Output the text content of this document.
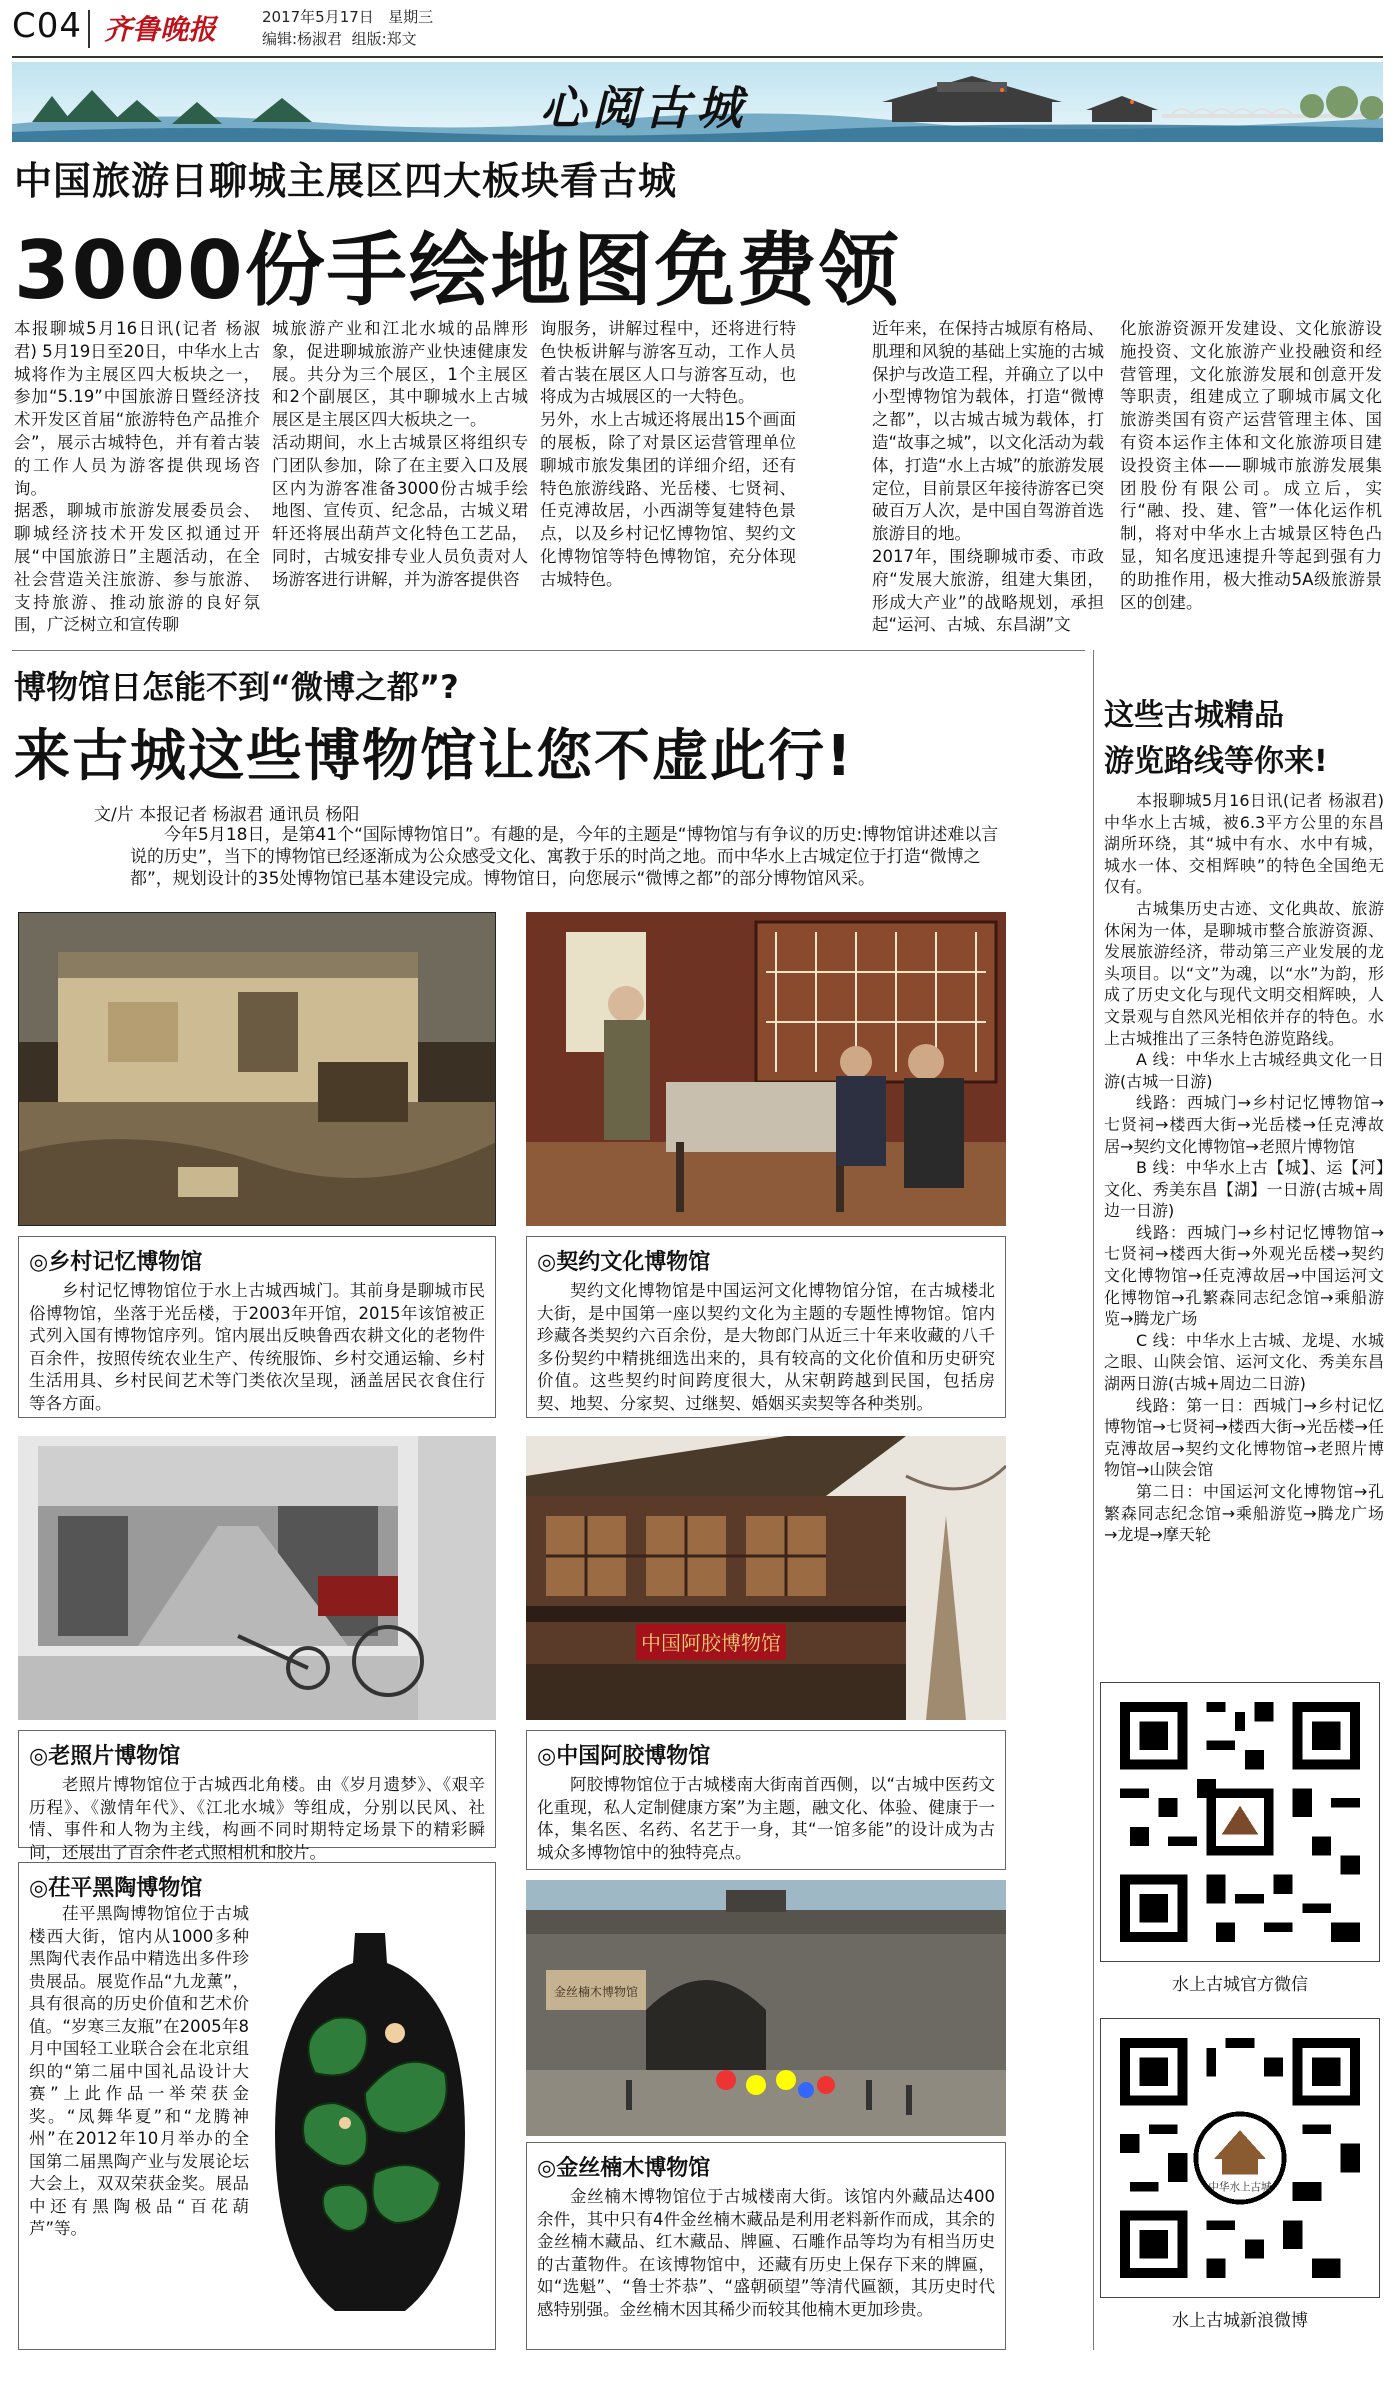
C04 齐鲁晚报	2017年5月17日 星期三
编辑:杨淑君 组版:郑文
心阅古城
中国旅游日聊城主展区四大板块看古城
3000份手绘地图免费领
本报聊城5月16日讯(记者 杨淑君) 5月19日至20日，中华水上古城将作为主展区四大板块之一，参加“5.19”中国旅游日暨经济技术开发区首届“旅游特色产品推介会”，展示古城特色，并有着古装的工作人员为游客提供现场咨询。
据悉，聊城市旅游发展委员会、聊城经济技术开发区拟通过开展“中国旅游日”主题活动，在全社会营造关注旅游、参与旅游、支持旅游、推动旅游的良好氛围，广泛树立和宣传聊
城旅游产业和江北水城的品牌形象，促进聊城旅游产业快速健康发展。共分为三个展区，1个主展区和2个副展区，其中聊城水上古城展区是主展区四大板块之一。
活动期间，水上古城景区将组织专门团队参加，除了在主要入口及展区内为游客准备3000份古城手绘地图、宣传页、纪念品，古城义珺轩还将展出葫芦文化特色工艺品，同时，古城安排专业人员负责对人场游客进行讲解，并为游客提供咨
询服务，讲解过程中，还将进行特色快板讲解与游客互动，工作人员着古装在展区人口与游客互动，也将成为古城展区的一大特色。
另外，水上古城还将展出15个画面的展板，除了对景区运营管理单位聊城市旅发集团的详细介绍，还有特色旅游线路、光岳楼、七贤祠、任克溥故居，小西湖等复建特色景点，以及乡村记忆博物馆、契约文化博物馆等特色博物馆，充分体现古城特色。
近年来，在保持古城原有格局、肌理和风貌的基础上实施的古城保护与改造工程，并确立了以中小型博物馆为载体，打造“微博之都”，以古城古城为载体，打造“故事之城”，以文化活动为载体，打造“水上古城”的旅游发展定位，目前景区年接待游客已突破百万人次，是中国自驾游首选旅游目的地。
2017年，围绕聊城市委、市政府“发展大旅游，组建大集团，形成大产业”的战略规划，承担起“运河、古城、东昌湖”文
化旅游资源开发建设、文化旅游设施投资、文化旅游产业投融资和经营管理，文化旅游发展和创意开发等职责，组建成立了聊城市属文化旅游类国有资产运营管理主体、国有资本运作主体和文化旅游项目建设投资主体——聊城市旅游发展集团股份有限公司。成立后，实行“融、投、建、管”一体化运作机制，将对中华水上古城景区特色凸显，知名度迅速提升等起到强有力的助推作用，极大推动5A级旅游景区的创建。
博物馆日怎能不到“微博之都”?
来古城这些博物馆让您不虚此行!
文/片 本报记者 杨淑君 通讯员 杨阳
今年5月18日，是第41个“国际博物馆日”。有趣的是，今年的主题是“博物馆与有争议的历史:博物馆讲述难以言说的历史”，当下的博物馆已经逐渐成为公众感受文化、寓教于乐的时尚之地。而中华水上古城定位于打造“微博之都”，规划设计的35处博物馆已基本建设完成。博物馆日，向您展示“微博之都”的部分博物馆风采。
◎乡村记忆博物馆
乡村记忆博物馆位于水上古城西城门。其前身是聊城市民俗博物馆，坐落于光岳楼，于2003年开馆，2015年该馆被正式列入国有博物馆序列。馆内展出反映鲁西农耕文化的老物件百余件，按照传统农业生产、传统服饰、乡村交通运输、乡村生活用具、乡村民间艺术等门类依次呈现，涵盖居民衣食住行等各方面。
◎契约文化博物馆
契约文化博物馆是中国运河文化博物馆分馆，在古城楼北大街，是中国第一座以契约文化为主题的专题性博物馆。馆内珍藏各类契约六百余份，是大物郎门从近三十年来收藏的八千多份契约中精挑细选出来的，具有较高的文化价值和历史研究价值。这些契约时间跨度很大，从宋朝跨越到民国，包括房契、地契、分家契、过继契、婚姻买卖契等各种类别。
中国阿胶博物馆
◎老照片博物馆
老照片博物馆位于古城西北角楼。由《岁月遗梦》、《艰辛历程》、《激情年代》、《江北水城》等组成，分别以民风、社情、事件和人物为主线，构画不同时期特定场景下的精彩瞬间，还展出了百余件老式照相机和胶片。
◎中国阿胶博物馆
阿胶博物馆位于古城楼南大街南首西侧，以“古城中医药文化重现，私人定制健康方案”为主题，融文化、体验、健康于一体，集名医、名药、名艺于一身，其“一馆多能”的设计成为古城众多博物馆中的独特亮点。
◎茌平黑陶博物馆
茌平黑陶博物馆位于古城楼西大街，馆内从1000多种黑陶代表作品中精选出多件珍贵展品。展览作品“九龙薰”，具有很高的历史价值和艺术价值。“岁寒三友瓶”在2005年8月中国轻工业联合会在北京组织的“第二届中国礼品设计大赛”上此作品一举荣获金奖。“凤舞华夏”和“龙腾神州”在2012年10月举办的全国第二届黑陶产业与发展论坛大会上，双双荣获金奖。展品中还有黑陶极品“百花葫芦”等。
金丝楠木博物馆
◎金丝楠木博物馆
金丝楠木博物馆位于古城楼南大街。该馆内外藏品达400余件，其中只有4件金丝楠木藏品是利用老料新作而成，其余的金丝楠木藏品、红木藏品、牌匾、石雕作品等均为有相当历史的古董物件。在该博物馆中，还藏有历史上保存下来的牌匾，如“选魁”、“鲁士芥恭”、“盛朝硕望”等清代匾额，其历史时代感特别强。金丝楠木因其稀少而较其他楠木更加珍贵。
这些古城精品
游览路线等你来!
本报聊城5月16日讯(记者 杨淑君) 中华水上古城，被6.3平方公里的东昌湖所环绕，其“城中有水、水中有城，城水一体、交相辉映”的特色全国绝无仅有。
古城集历史古迹、文化典故、旅游休闲为一体，是聊城市整合旅游资源、发展旅游经济，带动第三产业发展的龙头项目。以“文”为魂，以“水”为韵，形成了历史文化与现代文明交相辉映，人文景观与自然风光相依并存的特色。水上古城推出了三条特色游览路线。
A 线：中华水上古城经典文化一日游(古城一日游)
线路：西城门→乡村记忆博物馆→七贤祠→楼西大街→光岳楼→任克溥故居→契约文化博物馆→老照片博物馆
B 线：中华水上古【城】、运【河】文化、秀美东昌【湖】一日游(古城+周边一日游)
线路：西城门→乡村记忆博物馆→七贤祠→楼西大街→外观光岳楼→契约文化博物馆→任克溥故居→中国运河文化博物馆→孔繁森同志纪念馆→乘船游览→腾龙广场
C 线：中华水上古城、龙堤、水城之眼、山陕会馆、运河文化、秀美东昌湖两日游(古城+周边二日游)
线路：第一日：西城门→乡村记忆博物馆→七贤祠→楼西大街→光岳楼→任克溥故居→契约文化博物馆→老照片博物馆→山陕会馆
第二日：中国运河文化博物馆→孔繁森同志纪念馆→乘船游览→腾龙广场→龙堤→摩天轮
水上古城官方微信
中华水上古城
水上古城新浪微博
